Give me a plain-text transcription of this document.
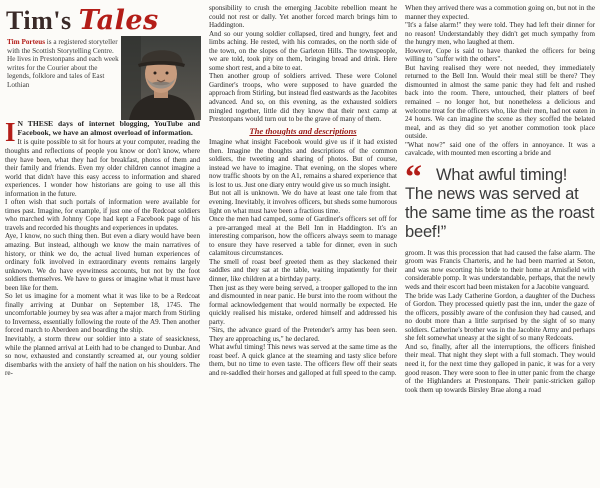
Tim's Tales
Tim Porteus is a registered storyteller with the Scottish Storytelling Centre. He lives in Prestonpans and each week writes for the Courier about the legends, folklore and tales of East Lothian

I N THESE days of internet blogging, YouTube and Facebook, we have an almost overload of information.

It is quite possible to sit for hours at your computer, reading the thoughts and reflections of people you know or don't know, where they have been, what they had for breakfast, photos of them and their family and friends. Even my older children cannot imagine a world that didn't have this easy access to information and shared experiences. I wonder how historians are going to use all this information in the future.

I often wish that such portals of information were available for times past. Imagine, for example, if just one of the Redcoat soldiers who marched with Johnny Cope had kept a Facebook page of his travels and recorded his thoughts and experiences in updates.

Aye, I know, no such thing then. But even a diary would have been amazing. But instead, although we know the main narratives of history, or think we do, the actual lived human experiences of ordinary folk involved in extraordinary events remains largely unknown. We do have eyewitness accounts, but not by the foot soldiers themselves. We have to guess or imagine what it must have been like for them.

So let us imagine for a moment what it was like to be a Redcoat finally arriving at Dunbar on September 18, 1745. The uncomfortable journey by sea was after a major march from Stirling to Inverness, essentially following the route of the A9. Then another forced march to Aberdeen and boarding the ship.

Inevitably, a storm threw our soldier into a state of seasickness, while the planned arrival at Leith had to be changed to Dunbar. And so now, exhausted and constantly screamed at, our young soldier disembarks with the anxiety of half the nation on his shoulders. The re-

sponsibility to crush the emerging Jacobite rebellion meant he could not rest or dally. Yet another forced march brings him to Haddington.

And so our young soldier collapsed, tired and hungry, feet and limbs aching. He rested, with his comrades, on the north side of the town, on the slopes of the Garleton Hills. The townspeople, we are told, took pity on them, bringing bread and drink. Here some short rest, and a bite to eat.

Then another group of soldiers arrived. These were Colonel Gardiner's troops, who were supposed to have guarded the approach from Stirling, but instead fled eastwards as the Jacobites advanced. And so, on this evening, as the exhausted soldiers mingled together, little did they know that their next camp at Prestonpans would turn out to be the grave of many of them.

The thoughts and descriptions

Imagine what insight Facebook would give us if it had existed then. Imagine the thoughts and descriptions of the common soldiers, the tweeting and sharing of photos. But of course, instead we have to imagine. That evening, on the slopes where now traffic shoots by on the A1, remains a shared experience that is lost to us. Just one diary entry would give us so much insight.

But not all is unknown. We do have at least one tale from that evening. Inevitably, it involves officers, but sheds some humorous light on what must have been a fractious time.

Once the men had camped, some of Gardiner's officers set off for a pre-arranged meal at the Bell Inn in Haddington. It's an interesting comparison, how the officers always seem to manage to ensure they have reserved a table for dinner, even in such calamitous circumstances.

The smell of roast beef greeted them as they slackened their saddles and they sat at the table, waiting impatiently for their dinner, like children at a birthday party.

Then just as they were being served, a trooper galloped to the inn and dismounted in near panic. He burst into the room without the formal acknowledgement that would normally be expected. He quickly realised his mistake, ordered himself and addressed his party.

"Sirs, the advance guard of the Pretender's army has been seen. They are approaching us," he declared.

What awful timing! This news was served at the same time as the roast beef. A quick glance at the steaming and tasty slice before them, but no time to even taste. The officers flew off their seats and re-saddled their horses and galloped at full speed to the camp.

When they arrived there was a commotion going on, but not in the manner they expected.

"It's a false alarm!" they were told. They had left their dinner for no reason! Understandably they didn't get much sympathy from the hungry men, who laughed at them.

However, Cope is said to have thanked the officers for being willing to "suffer with the others".

But having realised they were not needed, they immediately returned to the Bell Inn. Would their meal still be there? They dismounted in almost the same panic they had felt and rushed back into the room. There, untouched, their platters of beef remained – no longer hot, but nonetheless a delicious and welcome treat for the officers who, like their men, had not eaten in 24 hours. We can imagine the scene as they scoffed the belated meal, and as they did so yet another commotion took place outside.

"What now?" said one of the offers in annoyance. It was a cavalcade, with mounted men escorting a bride and

“ What awful timing! The news was served at the same time as the roast beef!”

groom. It was this procession that had caused the false alarm. The groom was Francis Charteris, and he had been married at Seton, and was now escorting his bride to their home at Amisfield with considerable pomp. It was understandable, perhaps, that the newly weds and their escort had been mistaken for a Jacobite vanguard.

The bride was Lady Catherine Gordon, a daughter of the Duchess of Gordon. They processed quietly past the inn, under the gaze of the officers, possibly aware of the confusion they had caused, and no doubt more than a little surprised by the sight of so many soldiers. Catherine's brother was in the Jacobite Army and perhaps she felt somewhat uneasy at the sight of so many Redcoats.

And so, finally, after all the interruptions, the officers finished their meal. That night they slept with a full stomach. They would need it, for the next time they galloped in panic, it was for a very good reason. They were soon to flee in utter panic from the charge of the Highlanders at Prestonpans. Their panic-stricken gallop took them up towards Birsley Brae along a road
